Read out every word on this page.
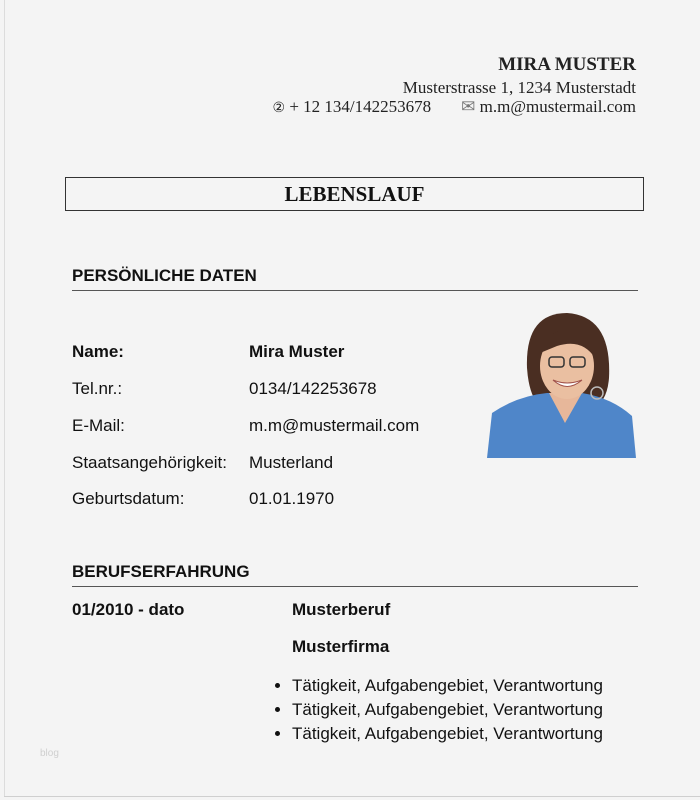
MIRA MUSTER
Musterstrasse 1, 1234 Musterstadt
② + 12 134/142253678 ✉ m.m@mustermail.com
LEBENSLAUF
PERSÖNLICHE DATEN
Name:	Mira Muster
Tel.nr.:	0134/142253678
E-Mail:	m.m@mustermail.com
Staatsangehörigkeit: Musterland
Geburtsdatum:	01.01.1970
BERUFSERFAHRUNG
01/2010 - dato	Musterberuf
Musterfirma
• Tätigkeit, Aufgabengebiet, Verantwortung
• Tätigkeit, Aufgabengebiet, Verantwortung
• Tätigkeit, Aufgabengebiet, Verantwortung
blog
